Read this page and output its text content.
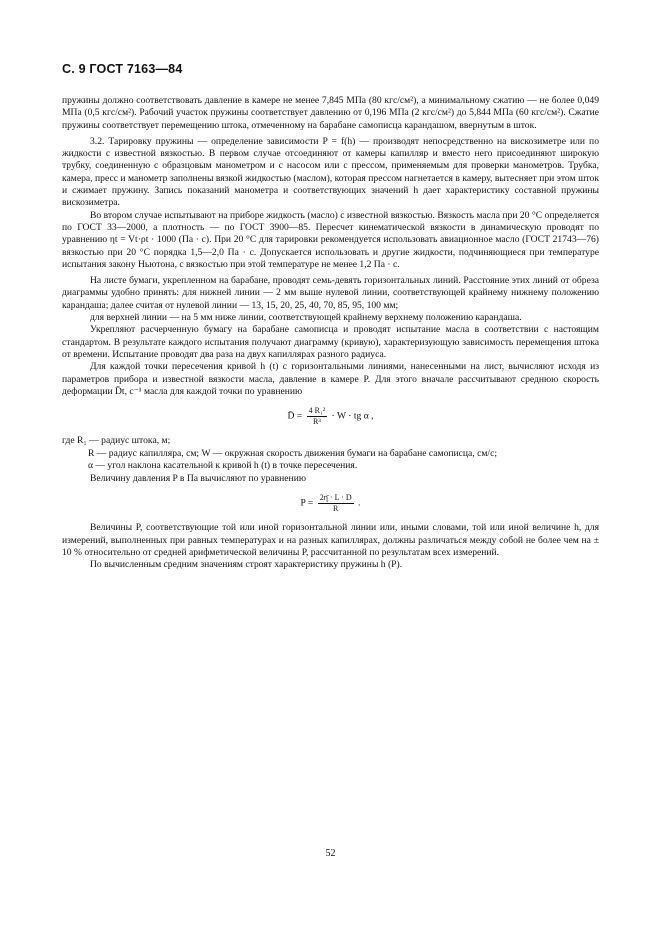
С. 9 ГОСТ 7163—84

пружины должно соответствовать давление в камере не менее 7,845 МПа (80 кгс/см²), а минимальному сжатию — не более 0,049 МПа (0,5 кгс/см²). Рабочий участок пружины соответствует давлению от 0,196 МПа (2 кгс/см²) до 5,844 МПа (60 кгс/см²). Сжатие пружины соответствует перемещению штока, отмеченному на барабане самописца карандашом, ввернутым в шток.

3.2. Тарировку пружины — определение зависимости P = f(h) — производят непосредственно на вискозиметре или по жидкости с известной вязкостью. В первом случае отсоединяют от камеры капилляр и вместо него присоединяют широкую трубку, соединенную с образцовым манометром и с насосом или с прессом, применяемым для проверки манометров. Трубка, камера, пресс и манометр заполнены вязкой жидкостью (маслом), которая прессом нагнетается в камеру, вытесняет при этом шток и сжимает пружину. Запись показаний манометра и соответствующих значений h дает характеристику составной пружины вискозиметра.

Во втором случае испытывают на приборе жидкость (масло) с известной вязкостью. Вязкость масла при 20 °С определяется по ГОСТ 33—2000, а плотность — по ГОСТ 3900—85. Пересчет кинематической вязкости в динамическую проводят по уравнению ηt = Vt·ρt · 1000 (Па · с). При 20 °С для тарировки рекомендуется использовать авиационное масло (ГОСТ 21743—76) вязкостью при 20 °С порядка 1,5—2,0 Па · с. Допускается использовать и другие жидкости, подчиняющиеся при температуре испытания закону Ньютона, с вязкостью при этой температуре не менее 1,2 Па · с.

На листе бумаги, укрепленном на барабане, проводят семь-девять горизонтальных линий. Расстояние этих линий от обреза диаграммы удобно принять: для нижней линии — 2 мм выше нулевой линии, соответствующей крайнему нижнему положению карандаша; далее считая от нулевой линии — 13, 15, 20, 25, 40, 70, 85, 95, 100 мм;

для верхней линии — на 5 мм ниже линии, соответствующей крайнему верхнему положению карандаша.

Укрепляют расчерченную бумагу на барабане самописца и проводят испытание масла в соответствии с настоящим стандартом. В результате каждого испытания получают диаграмму (кривую), характеризующую зависимость перемещения штока от времени. Испытание проводят два раза на двух капиллярах разного радиуса.

Для каждой точки пересечения кривой h (t) с горизонтальными линиями, нанесенными на лист, вычисляют исходя из параметров прибора и известной вязкости масла, давление в камере P. Для этого вначале рассчитывают среднюю скорость деформации D̄t, с⁻¹ масла для каждой точки по уравнению

D̄ = $\frac{\text{4 R₁²}}{\text{R³}} \cdot W$ · tg α ,
где R₁ — радиус штока, м;
R — радиус капилляра, см; W — окружная скорость движения бумаги на барабане самописца, см/с;
α — угол наклона касательной к кривой h (t) в точке пересечения.

Величину давления P в Па вычисляют по уравнению

$P = \frac{2\etā \cdot L \cdot D}{R}$ .

Величины P, соответствующие той или иной горизонтальной линии или, иными словами, той или иной величине h, для измерений, выполненных при равных температурах и на разных капиллярах, должны различаться между собой не более чем на ± 10 % относительно от средней арифметической величины P, рассчитанной по результатам всех измерений.

По вычисленным средним значениям строят характеристику пружины h (P).

52
